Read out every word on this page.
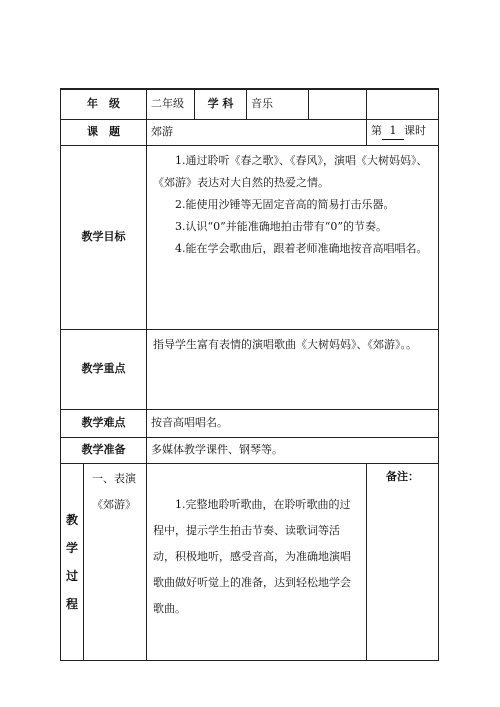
年　级	二年级	学 科	音乐		
课　题	郊游				第 1 课时
教学目标	1.通过聆听《春之歌》、《春风》，演唱《大树妈妈》、《郊游》表达对大自然的热爱之情。

2.能使用沙锤等无固定音高的简易打击乐器。

3.认识“0”并能准确地拍击带有“0”的节奏。

4.能在学会歌曲后，跟着老师准确地按音高唱唱名。				

教学重点	指导学生富有表情的演唱歌曲《大树妈妈》、《郊游》。。				

教学难点	按音高唱唱名。				
教学准备	多媒体教学课件、钢琴等。				

教
学
过
程

一、表演《郊游》	1.完整地聆听歌曲，在聆听歌曲的过程中，提示学生拍击节奏、读歌词等活动，积极地听，感受音高，为准确地演唱歌曲做好听觉上的准备，达到轻松地学会歌曲。				备注：
